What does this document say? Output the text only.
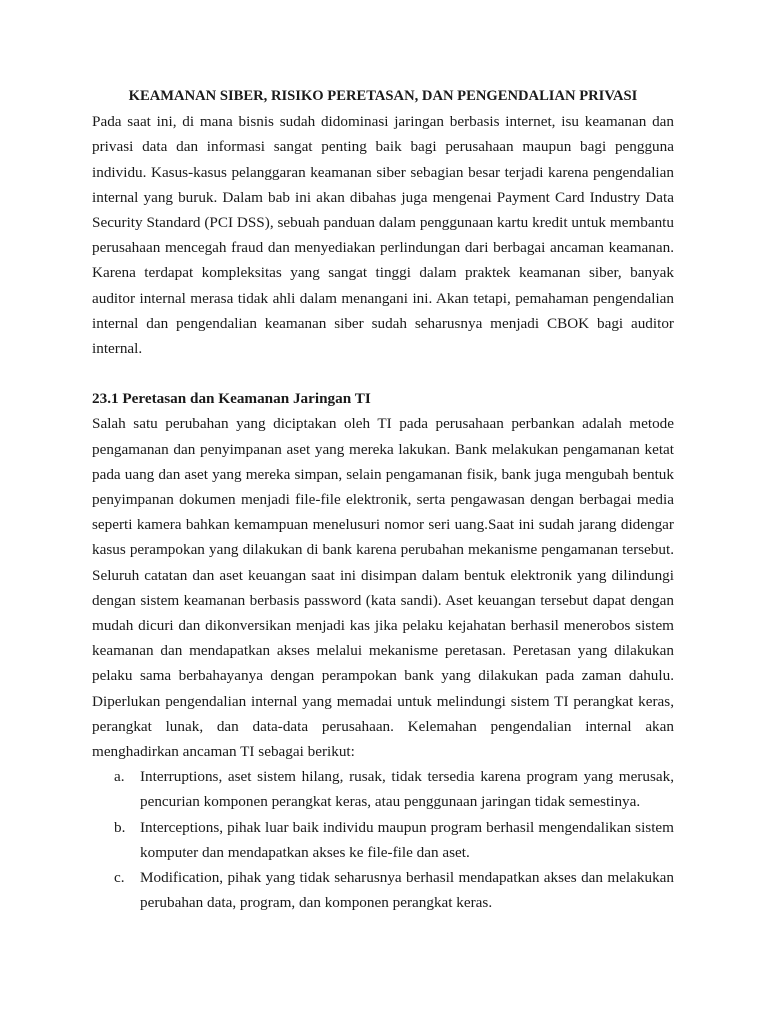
KEAMANAN SIBER, RISIKO PERETASAN, DAN PENGENDALIAN PRIVASI

Pada saat ini, di mana bisnis sudah didominasi jaringan berbasis internet, isu keamanan dan privasi data dan informasi sangat penting baik bagi perusahaan maupun bagi pengguna individu. Kasus-kasus pelanggaran keamanan siber sebagian besar terjadi karena pengendalian internal yang buruk. Dalam bab ini akan dibahas juga mengenai Payment Card Industry Data Security Standard (PCI DSS), sebuah panduan dalam penggunaan kartu kredit untuk membantu perusahaan mencegah fraud dan menyediakan perlindungan dari berbagai ancaman keamanan. Karena terdapat kompleksitas yang sangat tinggi dalam praktek keamanan siber, banyak auditor internal merasa tidak ahli dalam menangani ini. Akan tetapi, pemahaman pengendalian internal dan pengendalian keamanan siber sudah seharusnya menjadi CBOK bagi auditor internal.

23.1 Peretasan dan Keamanan Jaringan TI

Salah satu perubahan yang diciptakan oleh TI pada perusahaan perbankan adalah metode pengamanan dan penyimpanan aset yang mereka lakukan. Bank melakukan pengamanan ketat pada uang dan aset yang mereka simpan, selain pengamanan fisik, bank juga mengubah bentuk penyimpanan dokumen menjadi file-file elektronik, serta pengawasan dengan berbagai media seperti kamera bahkan kemampuan menelusuri nomor seri uang.Saat ini sudah jarang didengar kasus perampokan yang dilakukan di bank karena perubahan mekanisme pengamanan tersebut. Seluruh catatan dan aset keuangan saat ini disimpan dalam bentuk elektronik yang dilindungi dengan sistem keamanan berbasis password (kata sandi). Aset keuangan tersebut dapat dengan mudah dicuri dan dikonversikan menjadi kas jika pelaku kejahatan berhasil menerobos sistem keamanan dan mendapatkan akses melalui mekanisme peretasan. Peretasan yang dilakukan pelaku sama berbahayanya dengan perampokan bank yang dilakukan pada zaman dahulu. Diperlukan pengendalian internal yang memadai untuk melindungi sistem TI perangkat keras, perangkat lunak, dan data-data perusahaan. Kelemahan pengendalian internal akan menghadirkan ancaman TI sebagai berikut:

a. Interruptions, aset sistem hilang, rusak, tidak tersedia karena program yang merusak, pencurian komponen perangkat keras, atau penggunaan jaringan tidak semestinya.
b. Interceptions, pihak luar baik individu maupun program berhasil mengendalikan sistem komputer dan mendapatkan akses ke file-file dan aset.
c. Modification, pihak yang tidak seharusnya berhasil mendapatkan akses dan melakukan perubahan data, program, dan komponen perangkat keras.
